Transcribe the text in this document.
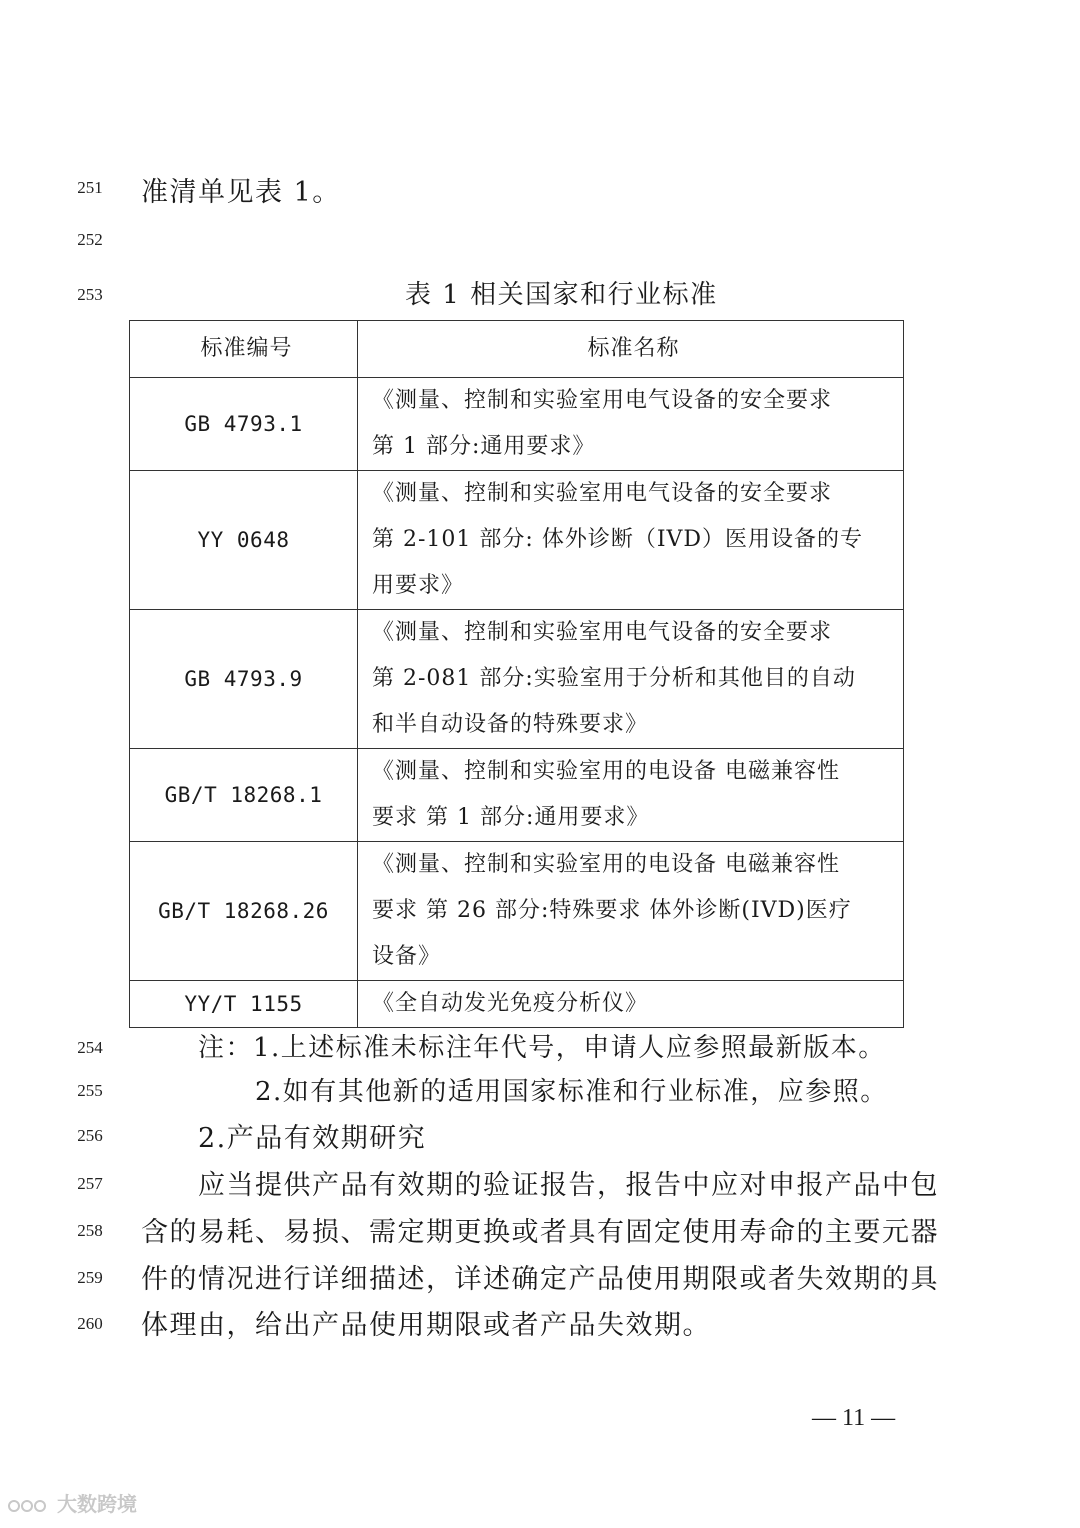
251
252
253
254
255
256
257
258
259
260
准清单见表 1。
表 1 相关国家和行业标准
标准编号	标准名称
GB 4793.1	《测量、控制和实验室用电气设备的安全要求
第 1 部分:通用要求》

YY 0648	《测量、控制和实验室用电气设备的安全要求
第 2-101 部分: 体外诊断（IVD）医用设备的专
用要求》

GB 4793.9	《测量、控制和实验室用电气设备的安全要求
第 2-081 部分:实验室用于分析和其他目的自动
和半自动设备的特殊要求》

GB/T 18268.1	《测量、控制和实验室用的电设备 电磁兼容性
要求 第 1 部分:通用要求》

GB/T 18268.26	《测量、控制和实验室用的电设备 电磁兼容性
要求 第 26 部分:特殊要求 体外诊断(IVD)医疗
设备》

YY/T 1155	《全自动发光免疫分析仪》
注：1.上述标准未标注年代号，申请人应参照最新版本。
2.如有其他新的适用国家标准和行业标准，应参照。
2.产品有效期研究
应当提供产品有效期的验证报告，报告中应对申报产品中包
含的易耗、易损、需定期更换或者具有固定使用寿命的主要元器
件的情况进行详细描述，详述确定产品使用期限或者失效期的具
体理由，给出产品使用期限或者产品失效期。
— 11 —
大数跨境
